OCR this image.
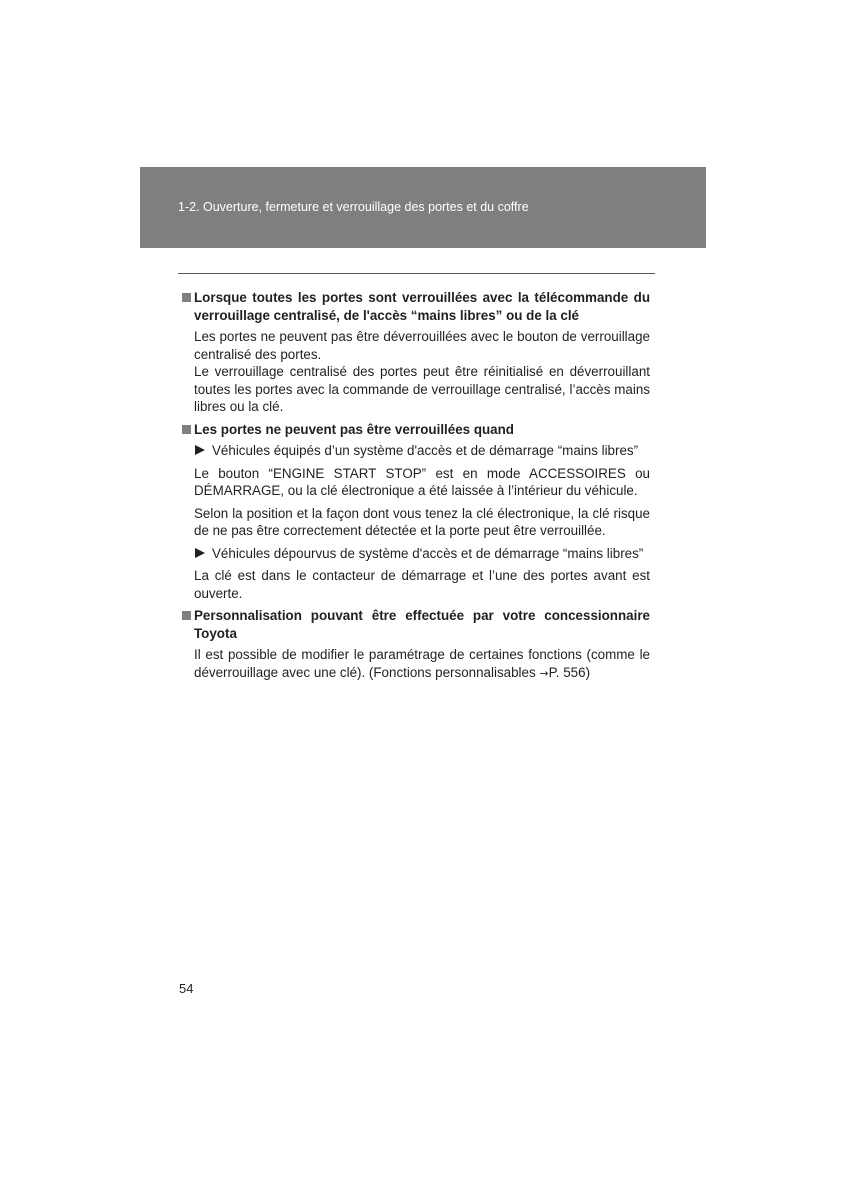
1-2. Ouverture, fermeture et verrouillage des portes et du coffre
Lorsque toutes les portes sont verrouillées avec la télécommande du verrouillage centralisé, de l'accès “mains libres” ou de la clé

Les portes ne peuvent pas être déverrouillées avec le bouton de verrouillage centralisé des portes.

Le verrouillage centralisé des portes peut être réinitialisé en déverrouillant toutes les portes avec la commande de verrouillage centralisé, l’accès mains libres ou la clé.

Les portes ne peuvent pas être verrouillées quand
Véhicules équipés d’un système d'accès et de démarrage “mains libres”

Le bouton “ENGINE START STOP” est en mode ACCESSOIRES ou DÉMARRAGE, ou la clé électronique a été laissée à l’intérieur du véhicule.

Selon la position et la façon dont vous tenez la clé électronique, la clé risque de ne pas être correctement détectée et la porte peut être verrouillée.

Véhicules dépourvus de système d'accès et de démarrage “mains libres”

La clé est dans le contacteur de démarrage et l’une des portes avant est ouverte.

Personnalisation pouvant être effectuée par votre concessionnaire Toyota

Il est possible de modifier le paramétrage de certaines fonctions (comme le déverrouillage avec une clé). (Fonctions personnalisables →P. 556)

54
